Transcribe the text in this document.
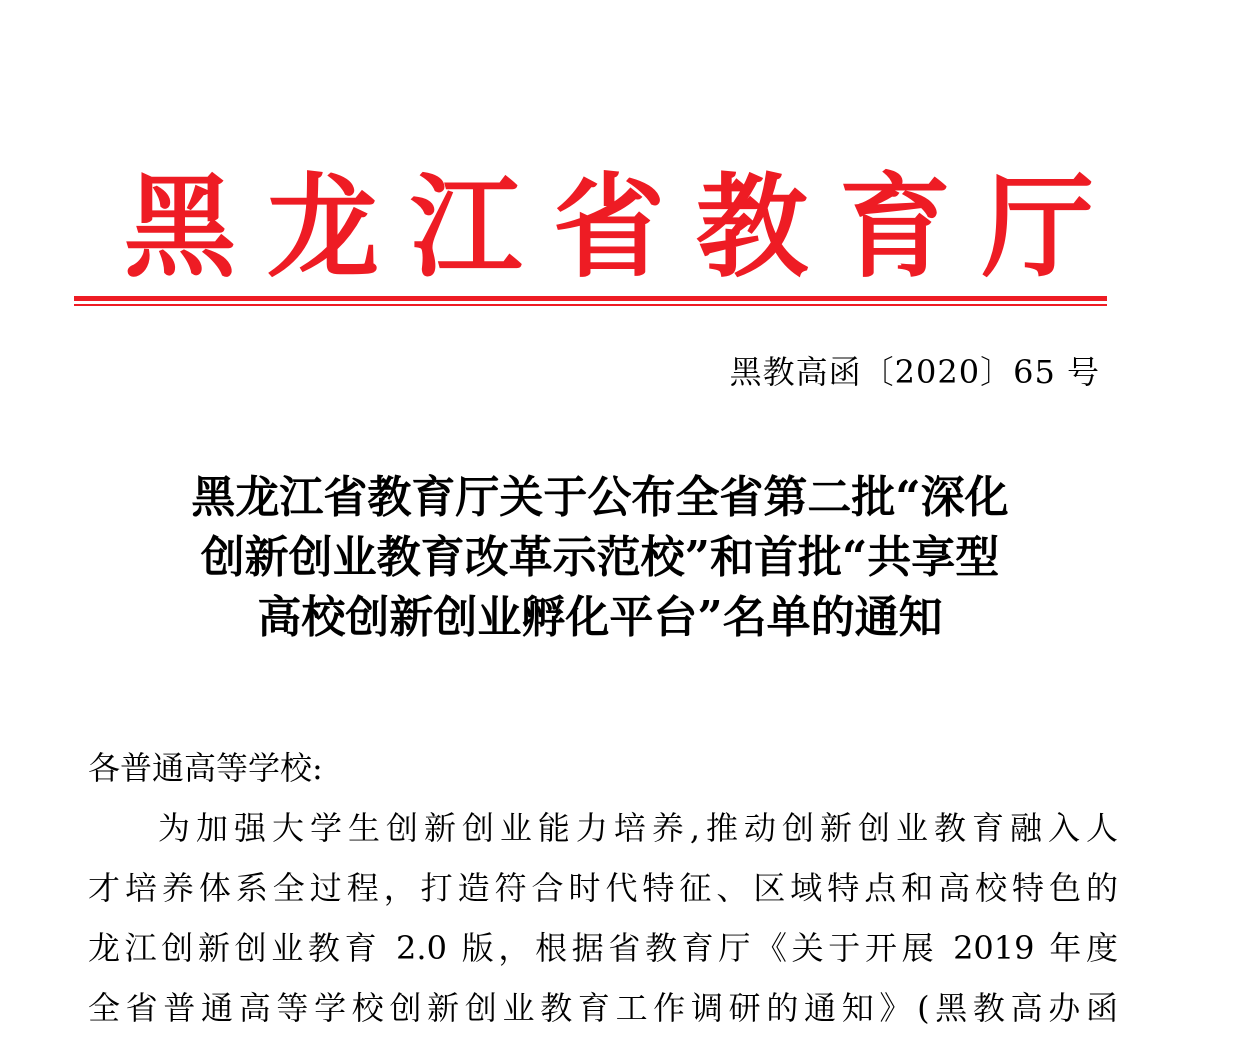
黑 龙 江 省 教 育 厅
黑教高函〔2020〕65 号
黑龙江省教育厅关于公布全省第二批“深化
创新创业教育改革示范校”和首批“共享型
高校创新创业孵化平台”名单的通知
各普通高等学校:
为加强大学生创新创业能力培养,推动创新创业教育融入人
才培养体系全过程，打造符合时代特征、区域特点和高校特色的
龙江创新创业教育 2.0 版，根据省教育厅《关于开展 2019 年度
全省普通高等学校创新创业教育工作调研的通知》(黑教高办函
